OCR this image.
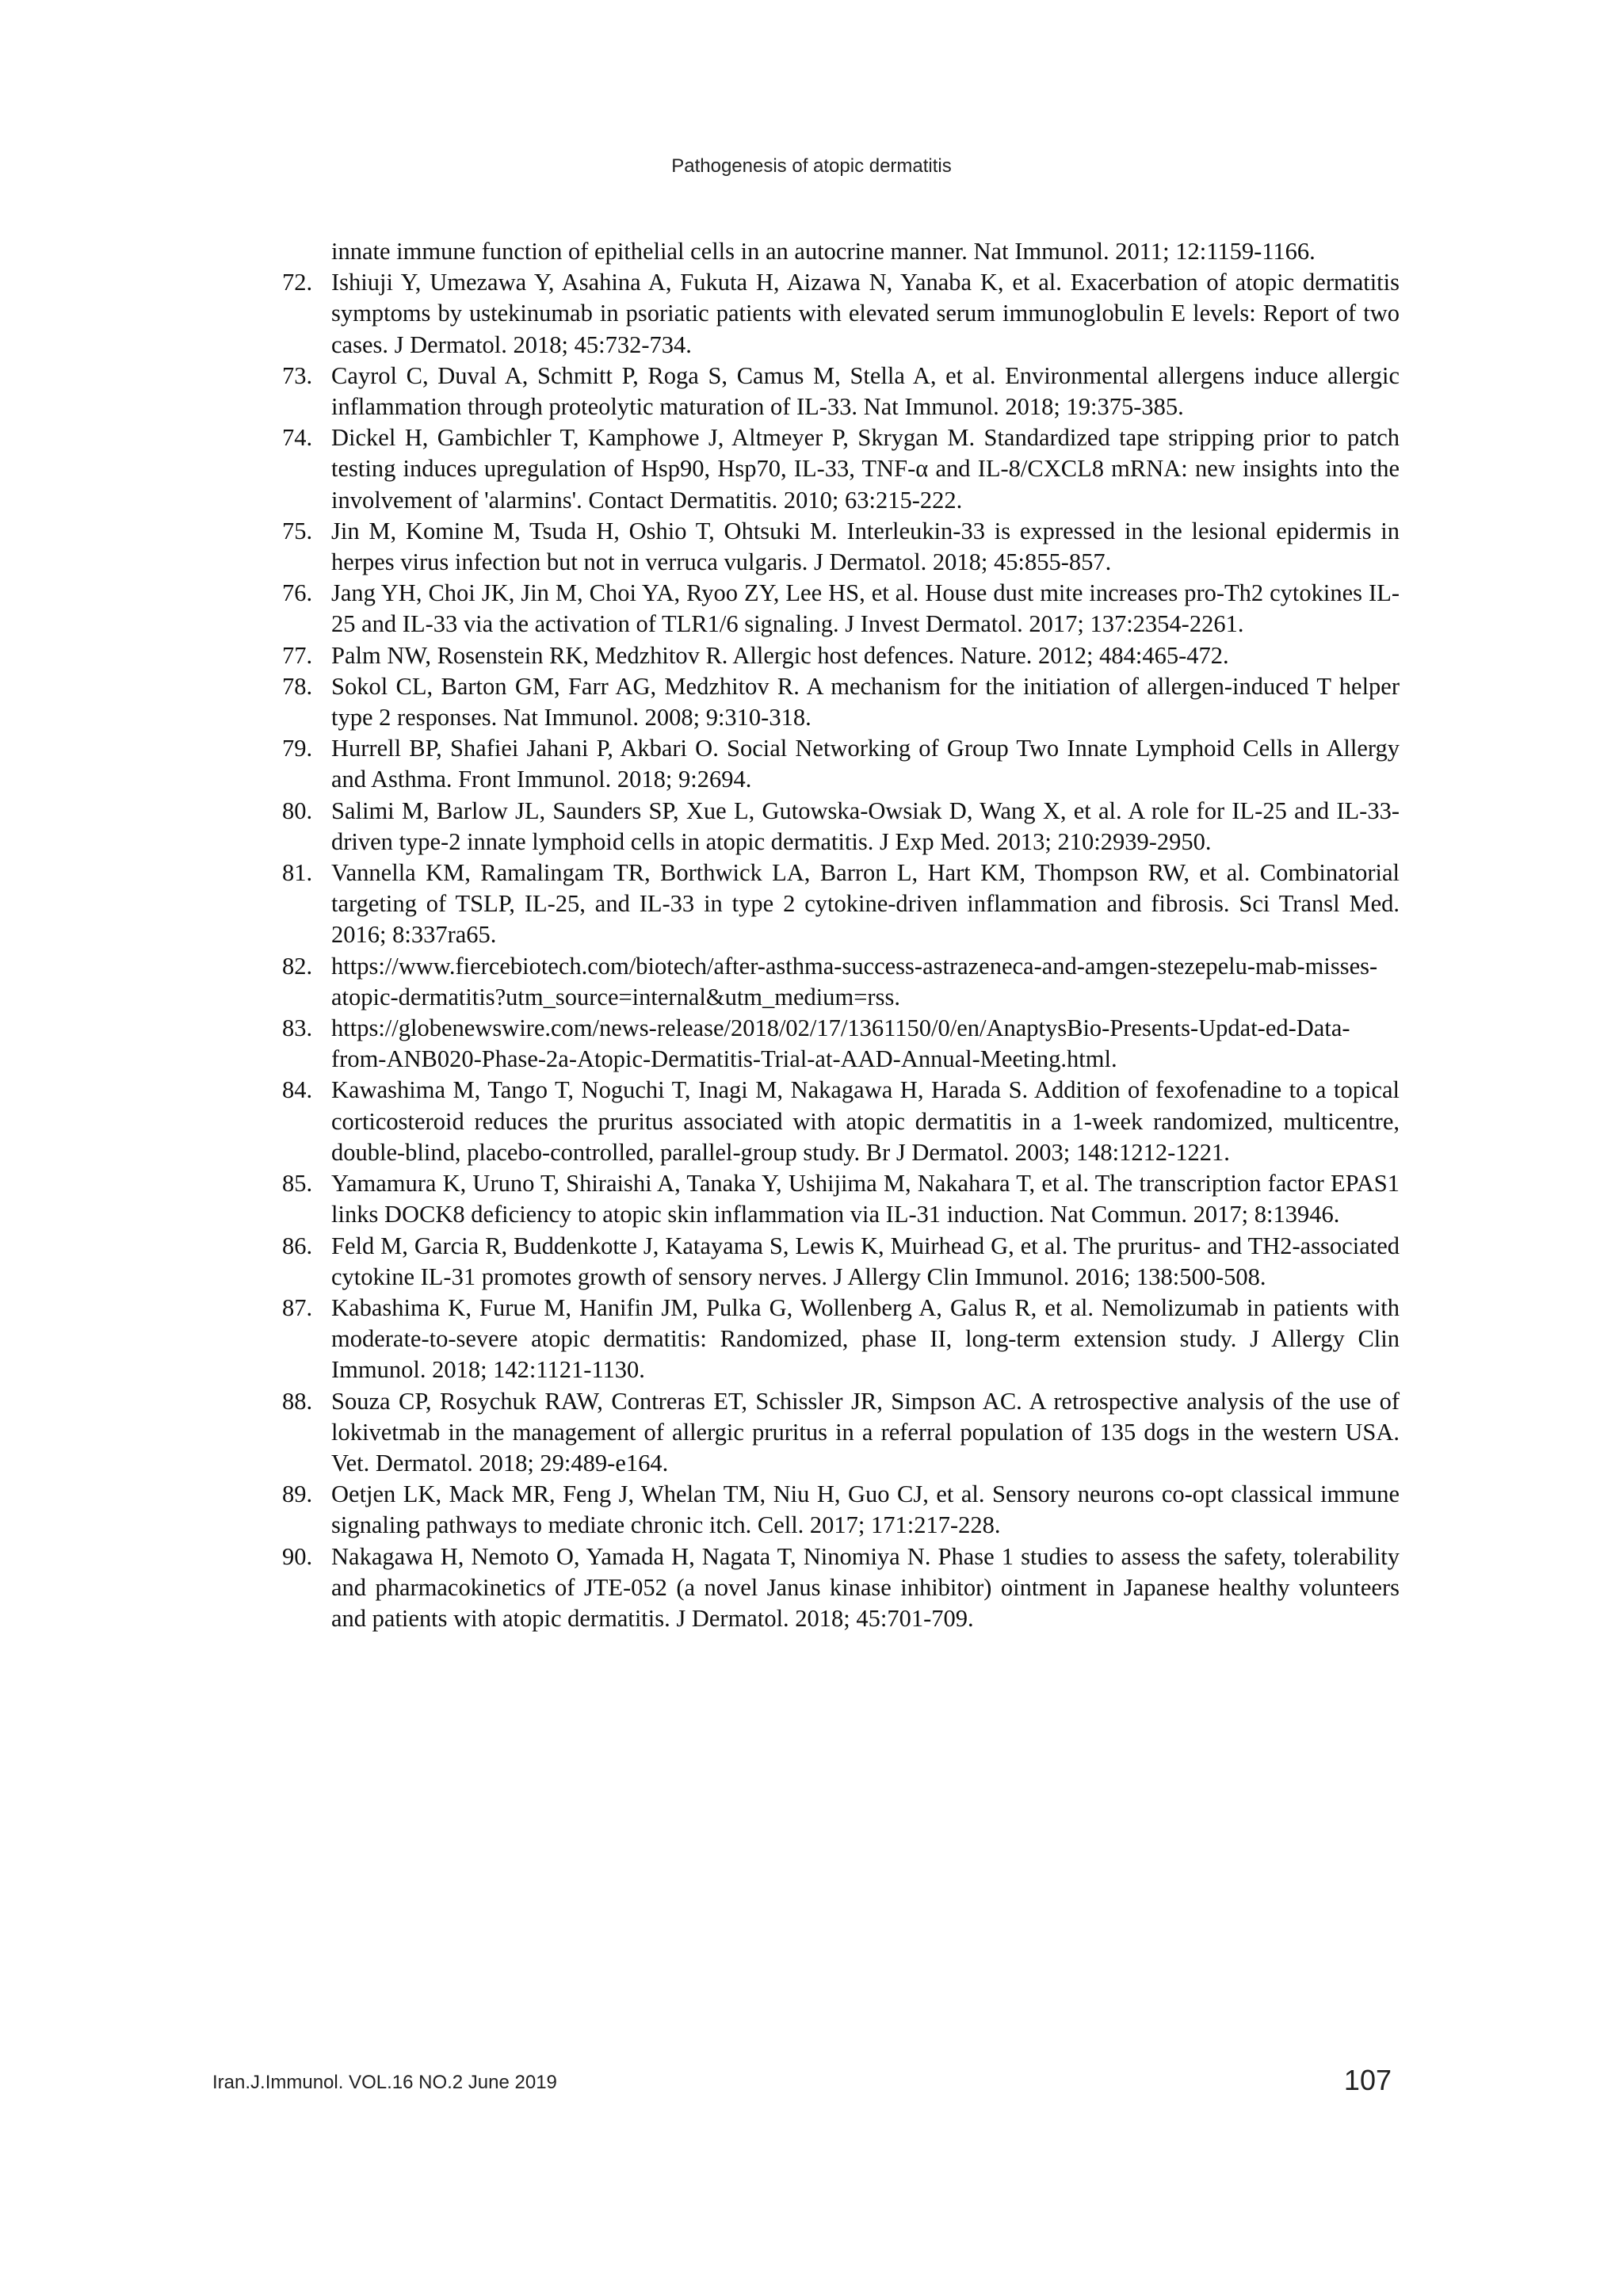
Pathogenesis of atopic dermatitis
innate immune function of epithelial cells in an autocrine manner. Nat Immunol. 2011; 12:1159-1166.
72. Ishiuji Y, Umezawa Y, Asahina A, Fukuta H, Aizawa N, Yanaba K, et al. Exacerbation of atopic dermatitis symptoms by ustekinumab in psoriatic patients with elevated serum immunoglobulin E levels: Report of two cases. J Dermatol. 2018; 45:732-734.
73. Cayrol C, Duval A, Schmitt P, Roga S, Camus M, Stella A, et al. Environmental allergens induce allergic inflammation through proteolytic maturation of IL-33. Nat Immunol. 2018; 19:375-385.
74. Dickel H, Gambichler T, Kamphowe J, Altmeyer P, Skrygan M. Standardized tape stripping prior to patch testing induces upregulation of Hsp90, Hsp70, IL-33, TNF-α and IL-8/CXCL8 mRNA: new insights into the involvement of 'alarmins'. Contact Dermatitis. 2010; 63:215-222.
75. Jin M, Komine M, Tsuda H, Oshio T, Ohtsuki M. Interleukin-33 is expressed in the lesional epidermis in herpes virus infection but not in verruca vulgaris. J Dermatol. 2018; 45:855-857.
76. Jang YH, Choi JK, Jin M, Choi YA, Ryoo ZY, Lee HS, et al. House dust mite increases pro-Th2 cytokines IL-25 and IL-33 via the activation of TLR1/6 signaling. J Invest Dermatol. 2017; 137:2354-2261.
77. Palm NW, Rosenstein RK, Medzhitov R. Allergic host defences. Nature. 2012; 484:465-472.
78. Sokol CL, Barton GM, Farr AG, Medzhitov R. A mechanism for the initiation of allergen-induced T helper type 2 responses. Nat Immunol. 2008; 9:310-318.
79. Hurrell BP, Shafiei Jahani P, Akbari O. Social Networking of Group Two Innate Lymphoid Cells in Allergy and Asthma. Front Immunol. 2018; 9:2694.
80. Salimi M, Barlow JL, Saunders SP, Xue L, Gutowska-Owsiak D, Wang X, et al. A role for IL-25 and IL-33-driven type-2 innate lymphoid cells in atopic dermatitis. J Exp Med. 2013; 210:2939-2950.
81. Vannella KM, Ramalingam TR, Borthwick LA, Barron L, Hart KM, Thompson RW, et al. Combinatorial targeting of TSLP, IL-25, and IL-33 in type 2 cytokine-driven inflammation and fibrosis. Sci Transl Med. 2016; 8:337ra65.
82. https://www.fiercebiotech.com/biotech/after-asthma-success-astrazeneca-and-amgen-stezepelu-mab-misses-atopic-dermatitis?utm_source=internal&utm_medium=rss.
83. https://globenewswire.com/news-release/2018/02/17/1361150/0/en/AnaptysBio-Presents-Updat-ed-Data-from-ANB020-Phase-2a-Atopic-Dermatitis-Trial-at-AAD-Annual-Meeting.html.
84. Kawashima M, Tango T, Noguchi T, Inagi M, Nakagawa H, Harada S. Addition of fexofenadine to a topical corticosteroid reduces the pruritus associated with atopic dermatitis in a 1-week randomized, multicentre, double-blind, placebo-controlled, parallel-group study. Br J Dermatol. 2003; 148:1212-1221.
85. Yamamura K, Uruno T, Shiraishi A, Tanaka Y, Ushijima M, Nakahara T, et al. The transcription factor EPAS1 links DOCK8 deficiency to atopic skin inflammation via IL-31 induction. Nat Commun. 2017; 8:13946.
86. Feld M, Garcia R, Buddenkotte J, Katayama S, Lewis K, Muirhead G, et al. The pruritus- and TH2-associated cytokine IL-31 promotes growth of sensory nerves. J Allergy Clin Immunol. 2016; 138:500-508.
87. Kabashima K, Furue M, Hanifin JM, Pulka G, Wollenberg A, Galus R, et al. Nemolizumab in patients with moderate-to-severe atopic dermatitis: Randomized, phase II, long-term extension study. J Allergy Clin Immunol. 2018; 142:1121-1130.
88. Souza CP, Rosychuk RAW, Contreras ET, Schissler JR, Simpson AC. A retrospective analysis of the use of lokivetmab in the management of allergic pruritus in a referral population of 135 dogs in the western USA. Vet. Dermatol. 2018; 29:489-e164.
89. Oetjen LK, Mack MR, Feng J, Whelan TM, Niu H, Guo CJ, et al. Sensory neurons co-opt classical immune signaling pathways to mediate chronic itch. Cell. 2017; 171:217-228.
90. Nakagawa H, Nemoto O, Yamada H, Nagata T, Ninomiya N. Phase 1 studies to assess the safety, tolerability and pharmacokinetics of JTE-052 (a novel Janus kinase inhibitor) ointment in Japanese healthy volunteers and patients with atopic dermatitis. J Dermatol. 2018; 45:701-709.
Iran.J.Immunol. VOL.16 NO.2 June 2019	107
